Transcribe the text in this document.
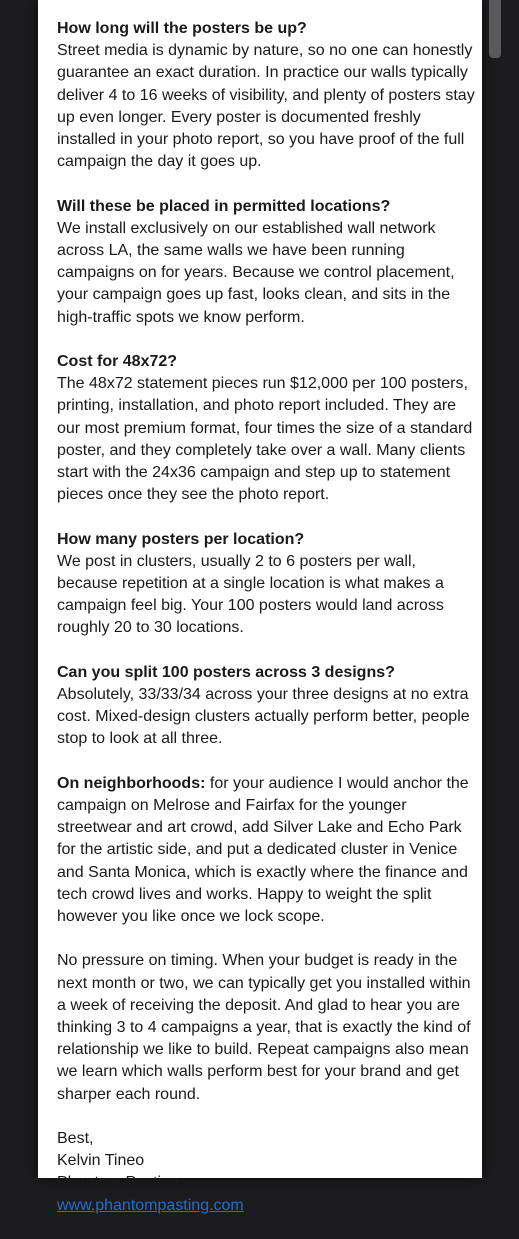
How long will the posters be up?
Street media is dynamic by nature, so no one can honestly guarantee an exact duration. In practice our walls typically deliver 4 to 16 weeks of visibility, and plenty of posters stay up even longer. Every poster is documented freshly installed in your photo report, so you have proof of the full campaign the day it goes up.

Will these be placed in permitted locations?
We install exclusively on our established wall network across LA, the same walls we have been running campaigns on for years. Because we control placement, your campaign goes up fast, looks clean, and sits in the high-traffic spots we know perform.

Cost for 48x72?
The 48x72 statement pieces run $12,000 per 100 posters, printing, installation, and photo report included. They are our most premium format, four times the size of a standard poster, and they completely take over a wall. Many clients start with the 24x36 campaign and step up to statement pieces once they see the photo report.

How many posters per location?
We post in clusters, usually 2 to 6 posters per wall, because repetition at a single location is what makes a campaign feel big. Your 100 posters would land across roughly 20 to 30 locations.

Can you split 100 posters across 3 designs?
Absolutely, 33/33/34 across your three designs at no extra cost. Mixed-design clusters actually perform better, people stop to look at all three.

On neighborhoods: for your audience I would anchor the campaign on Melrose and Fairfax for the younger streetwear and art crowd, add Silver Lake and Echo Park for the artistic side, and put a dedicated cluster in Venice and Santa Monica, which is exactly where the finance and tech crowd lives and works. Happy to weight the split however you like once we lock scope.

No pressure on timing. When your budget is ready in the next month or two, we can typically get you installed within a week of receiving the deposit. And glad to hear you are thinking 3 to 4 campaigns a year, that is exactly the kind of relationship we like to build. Repeat campaigns also mean we learn which walls perform best for your brand and get sharper each round.

Best,
Kelvin Tineo
Phantom Pasting
www.phantompasting.com
